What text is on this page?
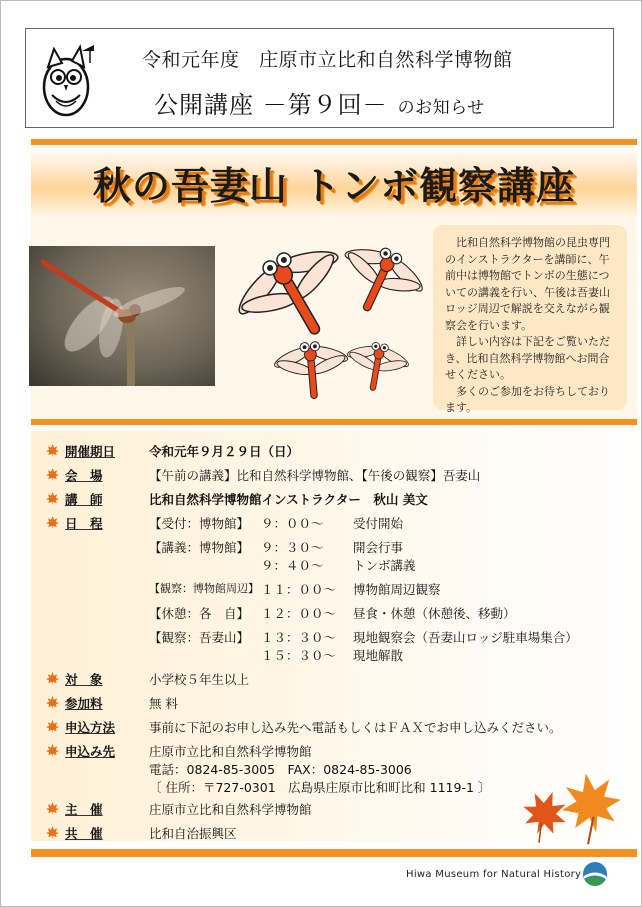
令和元年度　庄原市立比和自然科学博物館
公開講座 －第９回－ のお知らせ
秋の吾妻山 トンボ観察講座

比和自然科学博物館の昆虫専門のインストラクターを講師に、午前中は博物館でトンボの生態についての講義を行い、午後は吾妻山ロッジ周辺で解説を交えながら観察会を行います。

詳しい内容は下記をご覧いただき、比和自然科学博物館へお問合せください。

多くのご参加をお待ちしております。

開催期日	令和元年９月２９日（日）
会　場	【午前の講義】比和自然科学博物館、【午後の観察】吾妻山
講　師	比和自然科学博物館インストラクター　秋山 美文
日　程	【受付：博物館】 ９：００～ 受付開始
【講義：博物館】 ９：３０～ 開会行事
９：４０～ トンボ講義
【観察：博物館周辺】 １１：００～ 博物館周辺観察
【休憩：各　自】 １２：００～ 昼食・休憩（休憩後、移動）
【観察：吾妻山】 １３：３０～ 現地観察会（吾妻山ロッジ駐車場集合）
１５：３０～ 現地解散
対　象	小学校５年生以上
参加料	無 料
申込方法	事前に下記のお申し込み先へ電話もしくはＦＡＸでお申し込みください。
申込み先	庄原市立比和自然科学博物館
電話：0824-85-3005　FAX：0824-85-3006
〔 住所：〒727-0301　広島県庄原市比和町比和 1119-1 〕
主　催	庄原市立比和自然科学博物館
共　催	比和自治振興区
Hiwa Museum for Natural History
